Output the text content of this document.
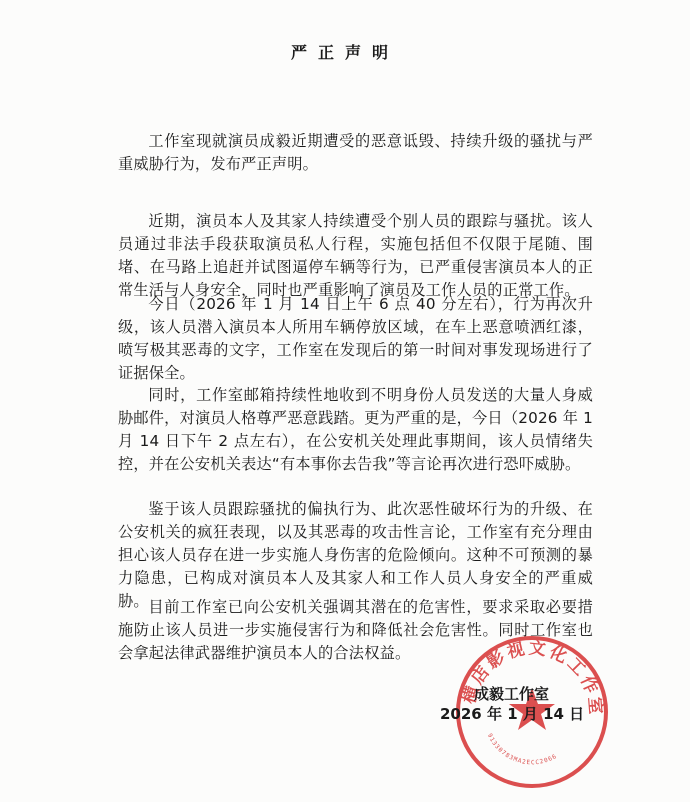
严正声明

工作室现就演员成毅近期遭受的恶意诋毁、持续升级的骚扰与严重威胁行为，发布严正声明。

近期，演员本人及其家人持续遭受个别人员的跟踪与骚扰。该人员通过非法手段获取演员私人行程，实施包括但不仅限于尾随、围堵、在马路上追赶并试图逼停车辆等行为，已严重侵害演员本人的正常生活与人身安全，同时也严重影响了演员及工作人员的正常工作。

今日（2026 年 1 月 14 日上午 6 点 40 分左右），行为再次升级，该人员潜入演员本人所用车辆停放区域，在车上恶意喷洒红漆，喷写极其恶毒的文字，工作室在发现后的第一时间对事发现场进行了证据保全。

同时，工作室邮箱持续性地收到不明身份人员发送的大量人身威胁邮件，对演员人格尊严恶意践踏。更为严重的是，今日（2026 年 1 月 14 日下午 2 点左右），在公安机关处理此事期间，该人员情绪失控，并在公安机关表达“有本事你去告我”等言论再次进行恐吓威胁。

鉴于该人员跟踪骚扰的偏执行为、此次恶性破坏行为的升级、在公安机关的疯狂表现，以及其恶毒的攻击性言论，工作室有充分理由担心该人员存在进一步实施人身伤害的危险倾向。这种不可预测的暴力隐患，已构成对演员本人及其家人和工作人员人身安全的严重威胁。 目前工作室已向公安机关强调其潜在的危害性，要求采取必要措施防止该人员进一步实施侵害行为和降低社会危害性。同时工作室也会拿起法律武器维护演员本人的合法权益。

横店影视文化工作室
91330783MA2ECC2066
成毅工作室
2026 年 1 月 14 日
